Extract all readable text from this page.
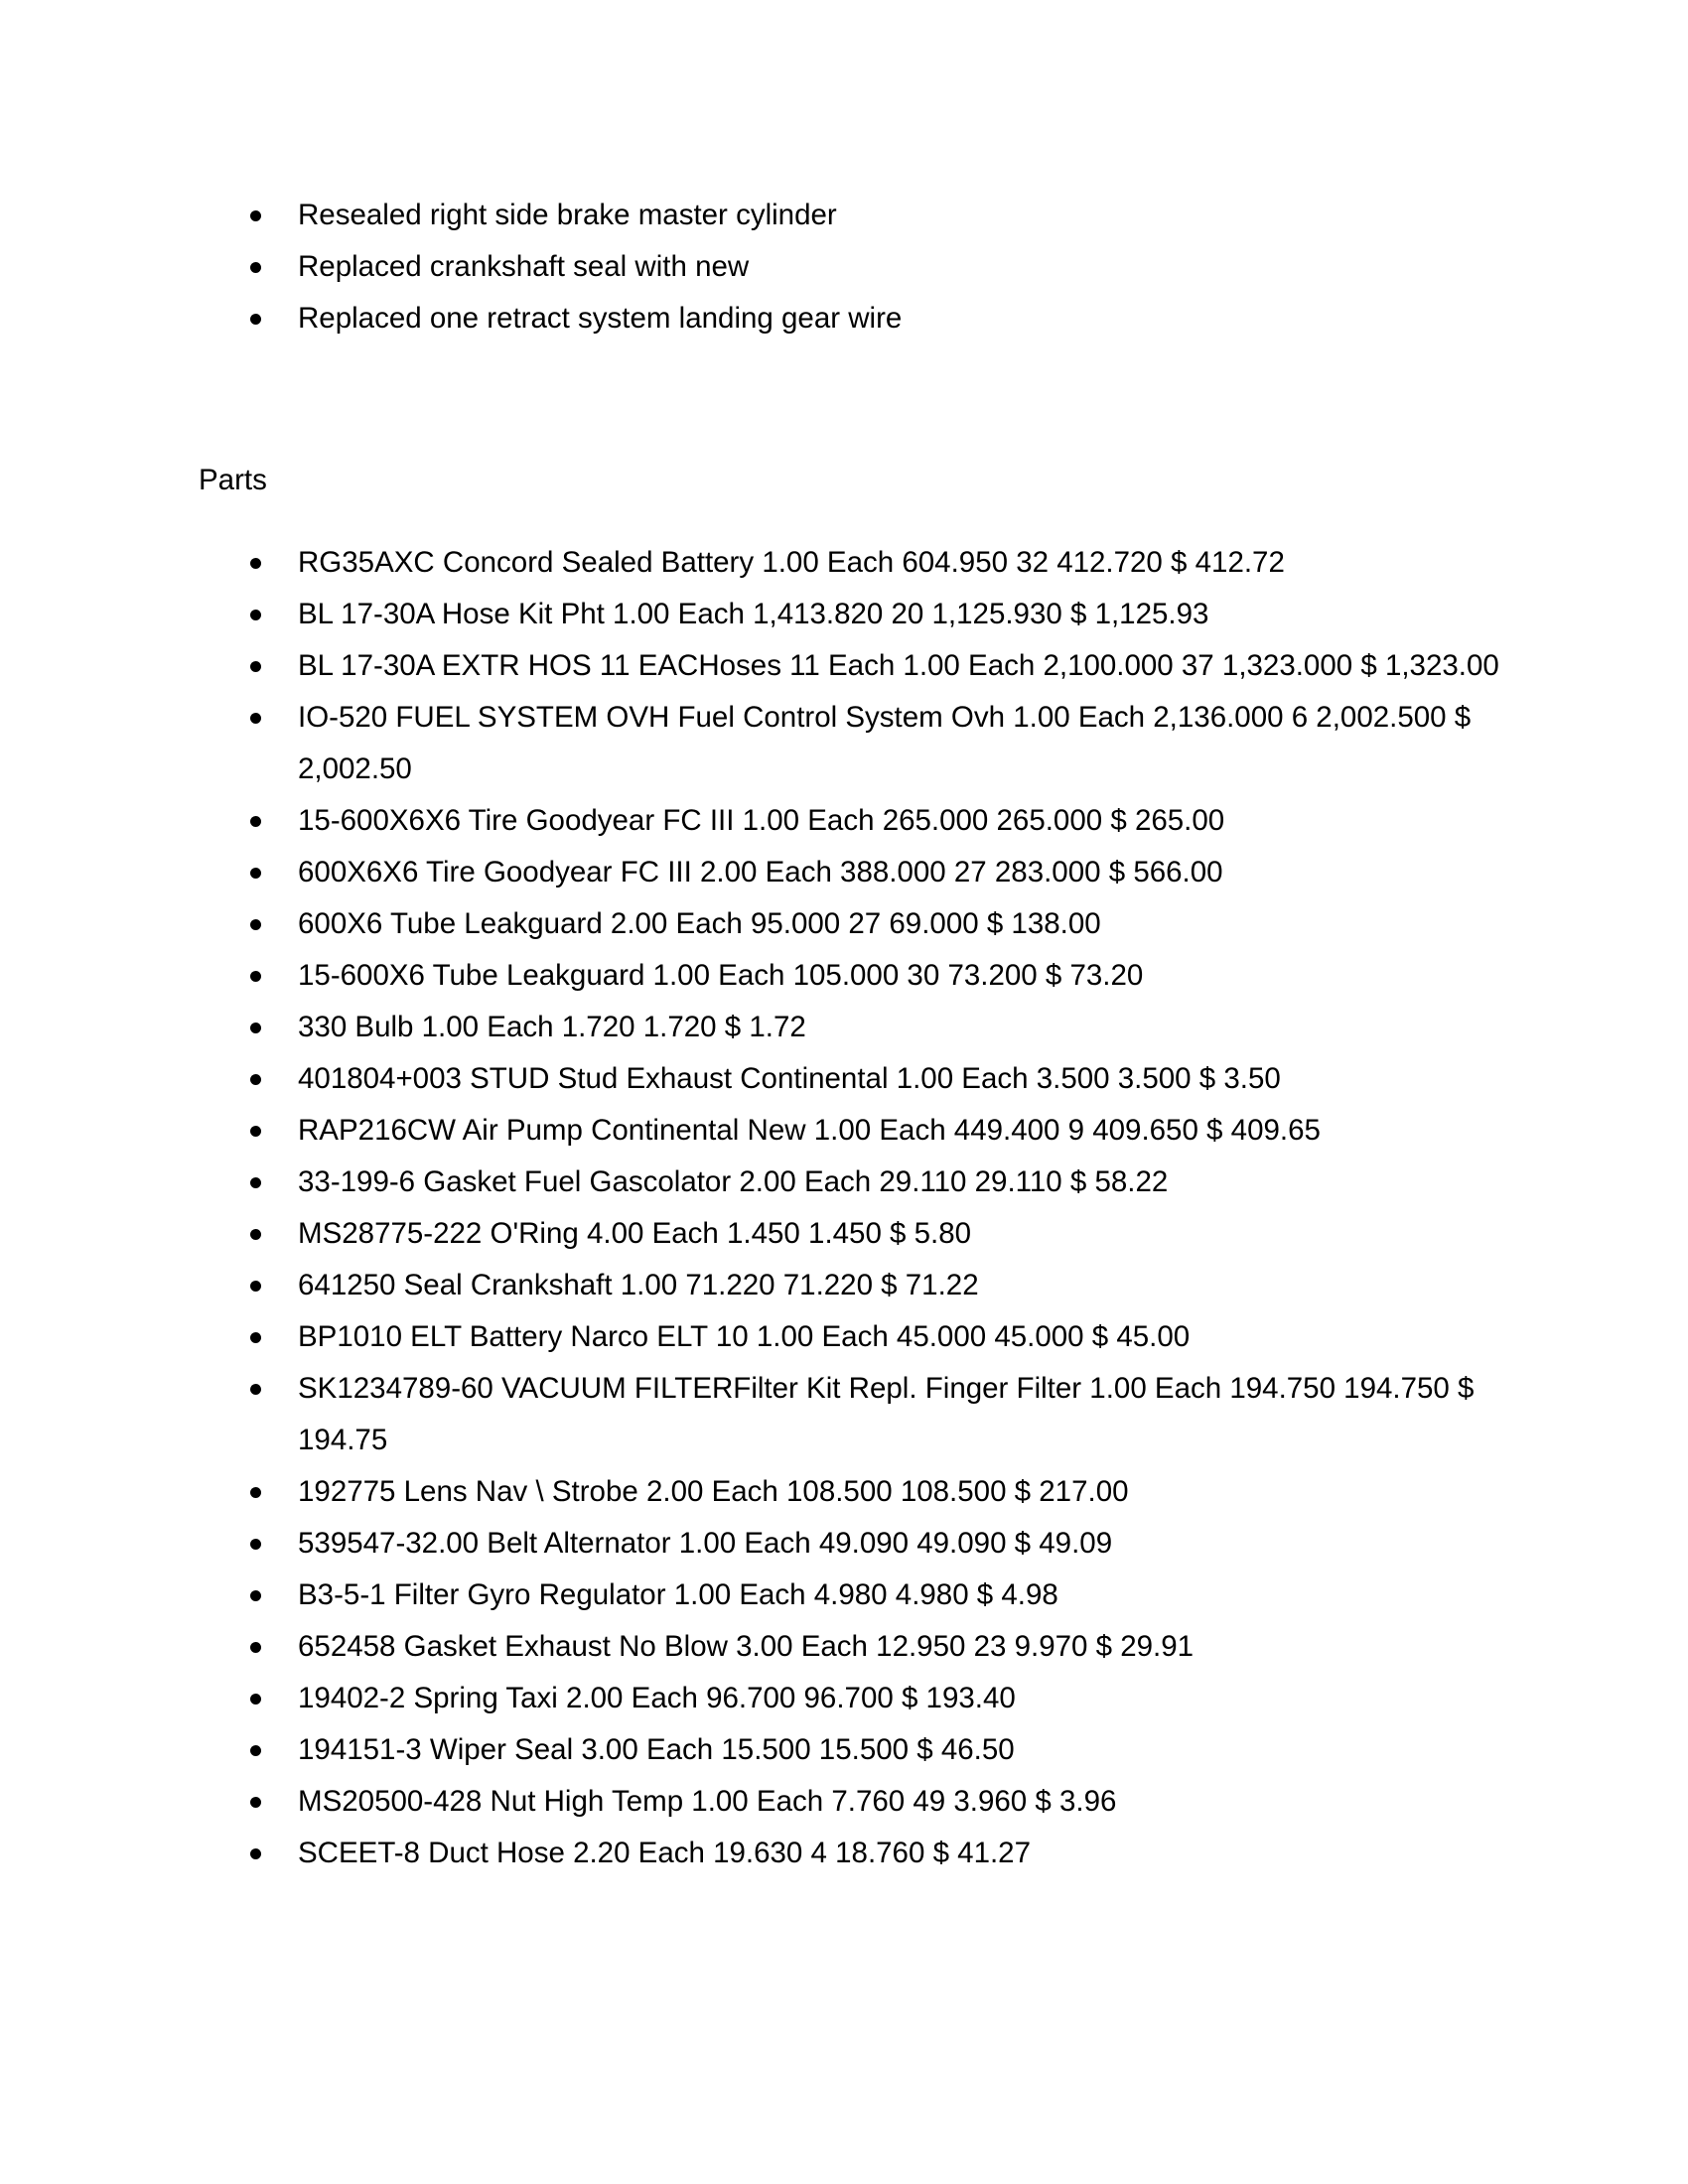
Resealed right side brake master cylinder
Replaced crankshaft seal with new
Replaced one retract system landing gear wire
Parts
RG35AXC Concord Sealed Battery 1.00 Each 604.950 32 412.720 $ 412.72
BL 17-30A Hose Kit Pht 1.00 Each 1,413.820 20 1,125.930 $ 1,125.93
BL 17-30A EXTR HOS 11 EACHoses 11 Each 1.00 Each 2,100.000 37 1,323.000 $ 1,323.00
IO-520 FUEL SYSTEM OVH Fuel Control System Ovh 1.00 Each 2,136.000 6 2,002.500 $ 2,002.50
15-600X6X6 Tire Goodyear FC III 1.00 Each 265.000 265.000 $ 265.00
600X6X6 Tire Goodyear FC III 2.00 Each 388.000 27 283.000 $ 566.00
600X6 Tube Leakguard 2.00 Each 95.000 27 69.000 $ 138.00
15-600X6 Tube Leakguard 1.00 Each 105.000 30 73.200 $ 73.20
330 Bulb 1.00 Each 1.720 1.720 $ 1.72
401804+003 STUD Stud Exhaust Continental 1.00 Each 3.500 3.500 $ 3.50
RAP216CW Air Pump Continental New 1.00 Each 449.400 9 409.650 $ 409.65
33-199-6 Gasket Fuel Gascolator 2.00 Each 29.110 29.110 $ 58.22
MS28775-222 O'Ring 4.00 Each 1.450 1.450 $ 5.80
641250 Seal Crankshaft 1.00 71.220 71.220 $ 71.22
BP1010 ELT Battery Narco ELT 10 1.00 Each 45.000 45.000 $ 45.00
SK1234789-60 VACUUM FILTERFilter Kit Repl. Finger Filter 1.00 Each 194.750 194.750 $ 194.75
192775 Lens Nav \ Strobe 2.00 Each 108.500 108.500 $ 217.00
539547-32.00 Belt Alternator 1.00 Each 49.090 49.090 $ 49.09
B3-5-1 Filter Gyro Regulator 1.00 Each 4.980 4.980 $ 4.98
652458 Gasket Exhaust No Blow 3.00 Each 12.950 23 9.970 $ 29.91
19402-2 Spring Taxi 2.00 Each 96.700 96.700 $ 193.40
194151-3 Wiper Seal 3.00 Each 15.500 15.500 $ 46.50
MS20500-428 Nut High Temp 1.00 Each 7.760 49 3.960 $ 3.96
SCEET-8 Duct Hose 2.20 Each 19.630 4 18.760 $ 41.27
